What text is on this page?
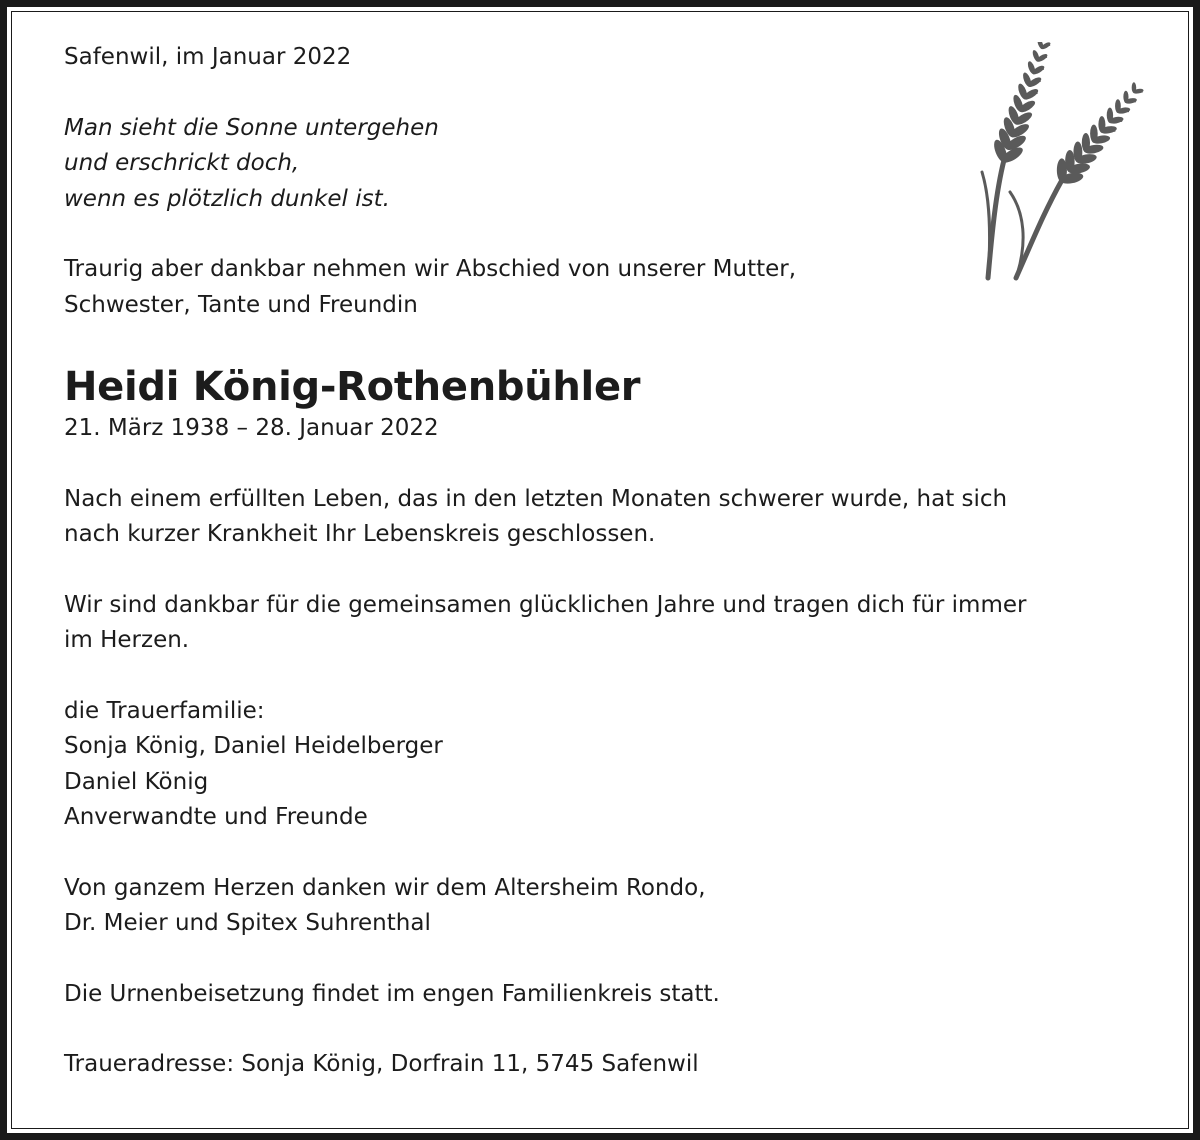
Safenwil, im Januar 2022

Man sieht die Sonne untergehen
und erschrickt doch,
wenn es plötzlich dunkel ist.

Traurig aber dankbar nehmen wir Abschied von unserer Mutter,
Schwester, Tante und Freundin

Heidi König-Rothenbühler

21. März 1938 – 28. Januar 2022

Nach einem erfüllten Leben, das in den letzten Monaten schwerer wurde, hat sich
nach kurzer Krankheit Ihr Lebenskreis geschlossen.

Wir sind dankbar für die gemeinsamen glücklichen Jahre und tragen dich für immer
im Herzen.

die Trauerfamilie:
Sonja König, Daniel Heidelberger
Daniel König
Anverwandte und Freunde

Von ganzem Herzen danken wir dem Altersheim Rondo,
Dr. Meier und Spitex Suhrenthal

Die Urnenbeisetzung findet im engen Familienkreis statt.

Traueradresse: Sonja König, Dorfrain 11, 5745 Safenwil
